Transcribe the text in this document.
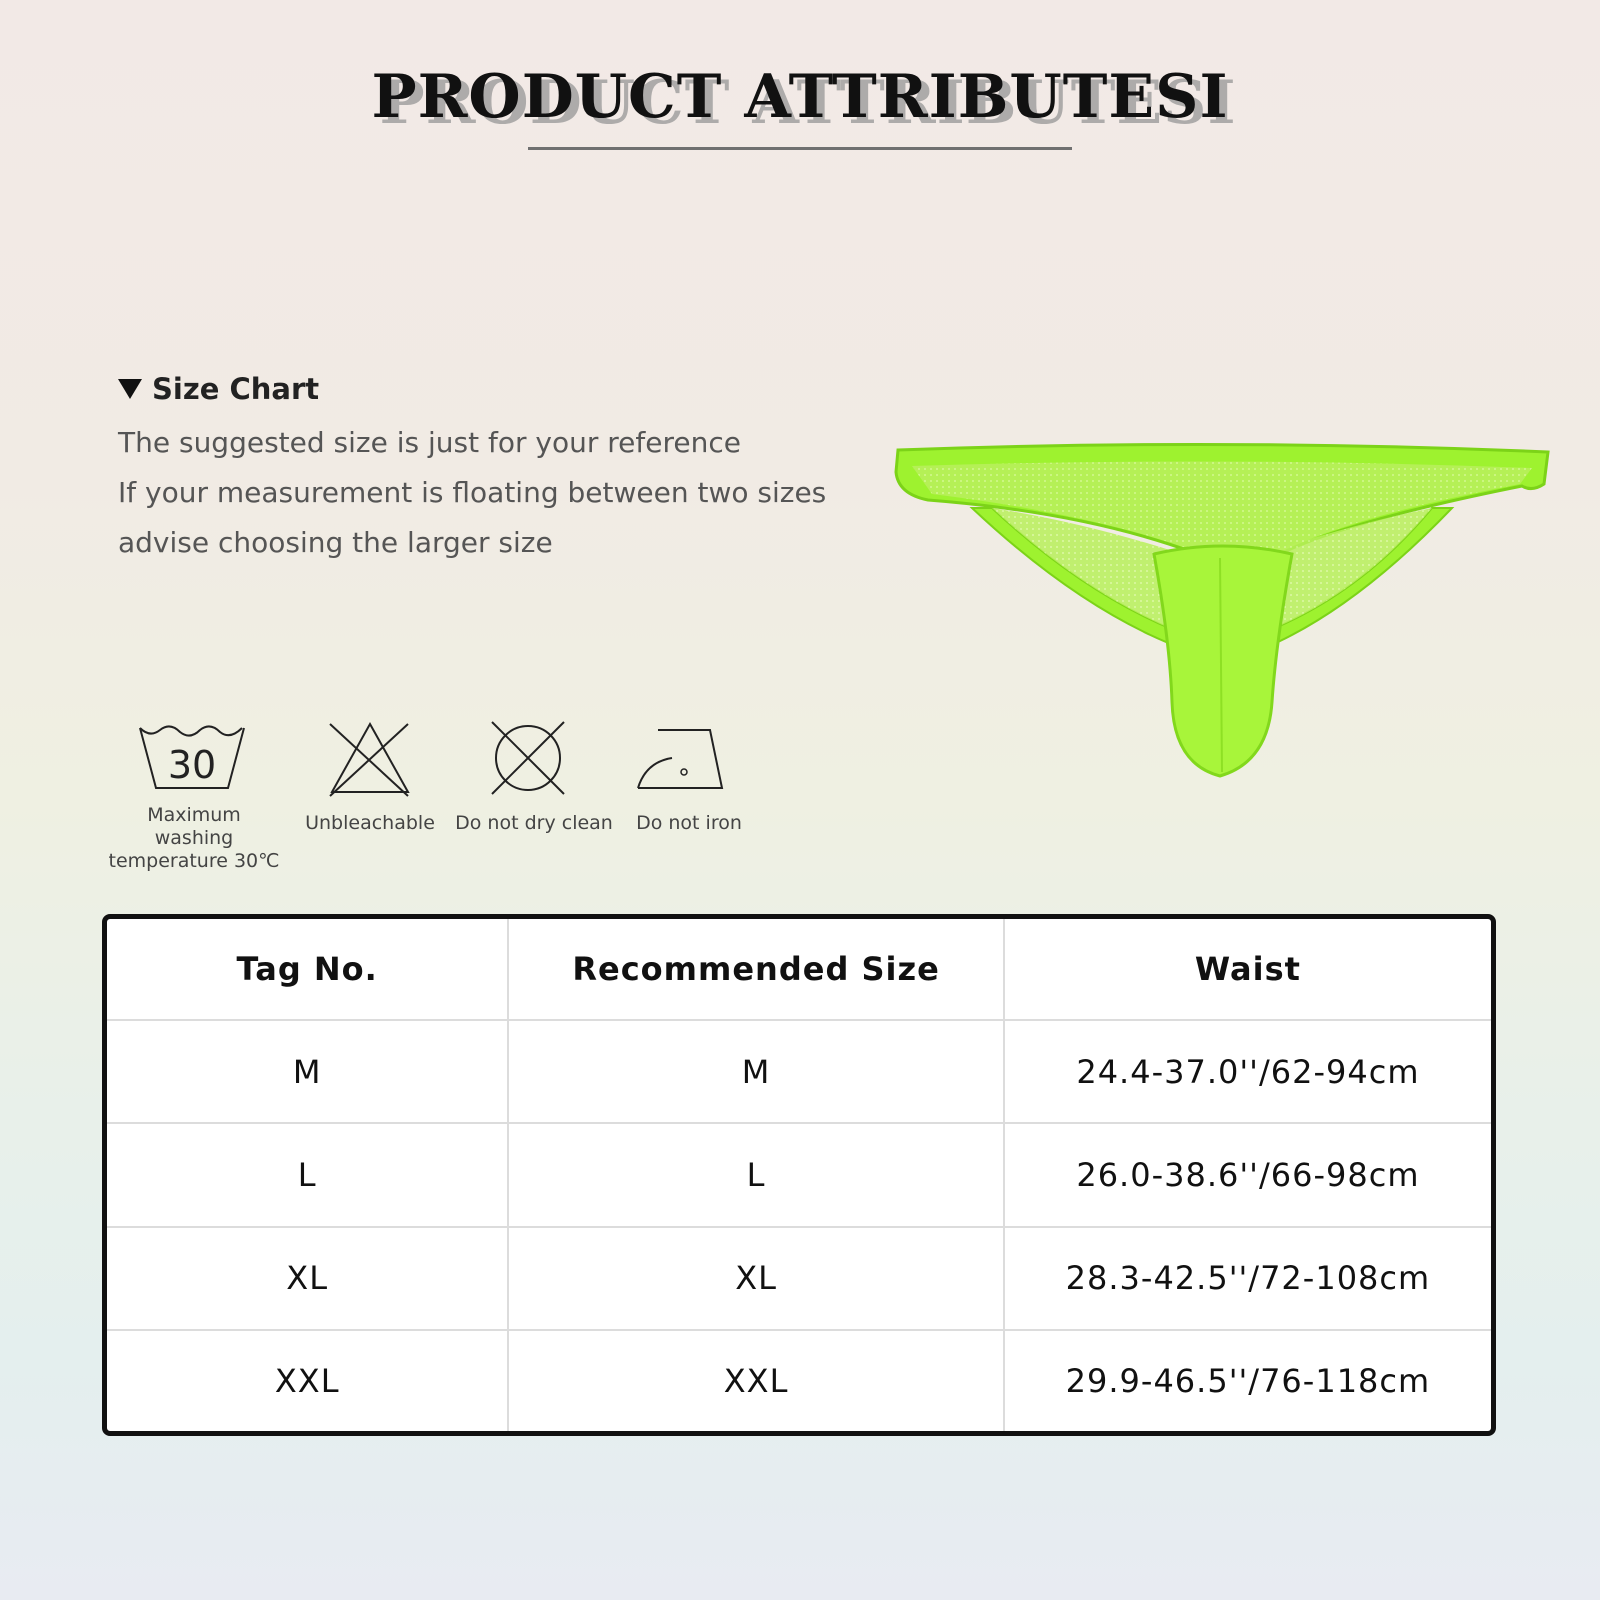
PRODUCT ATTRIBUTESI
Size Chart
The suggested size is just for your reference
If your measurement is floating between two sizes
advise choosing the larger size
30
Maximum washing
temperature 30℃
Unbleachable Do not dry clean	Do not iron
Tag No.	Recommended Size	Waist
M	M	24.4-37.0''/62-94cm
L	L	26.0-38.6''/66-98cm
XL	XL	28.3-42.5''/72-108cm
XXL	XXL	29.9-46.5''/76-118cm
